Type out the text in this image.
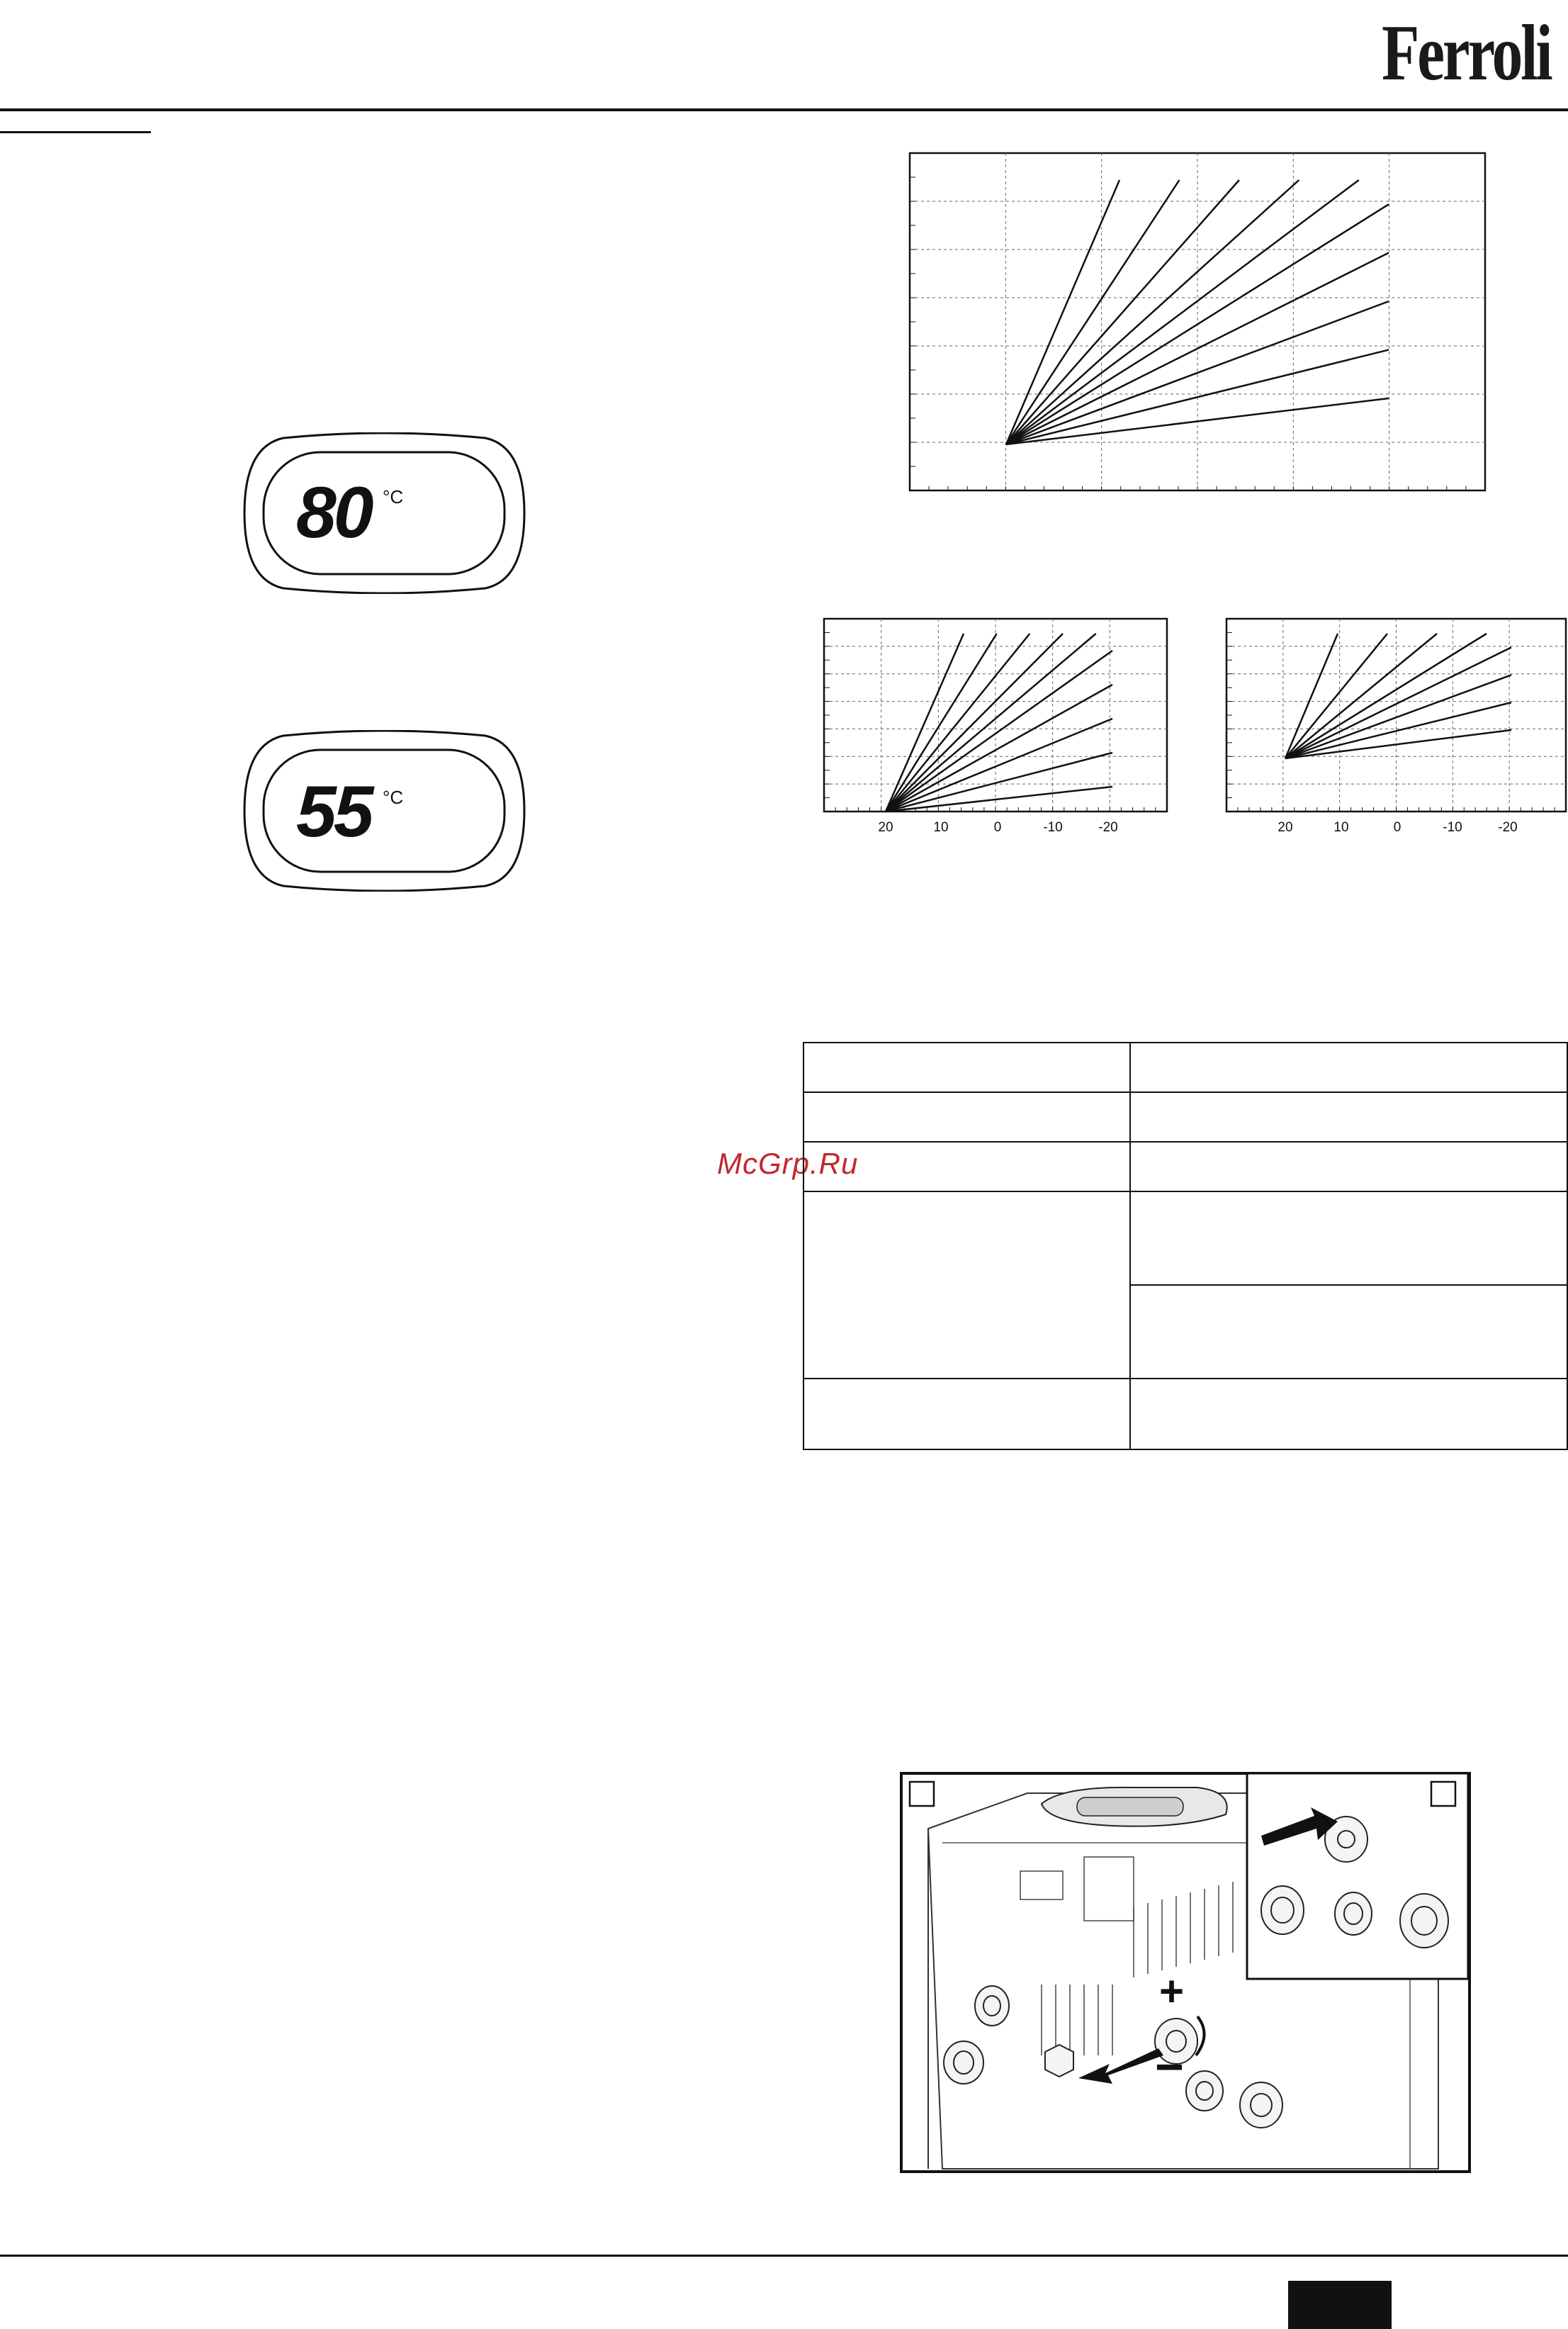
Ferroli
80 °C
55 °C
20	10	0	-10	-20	20	10	0	-10	-20
McGrp.Ru

+
−
